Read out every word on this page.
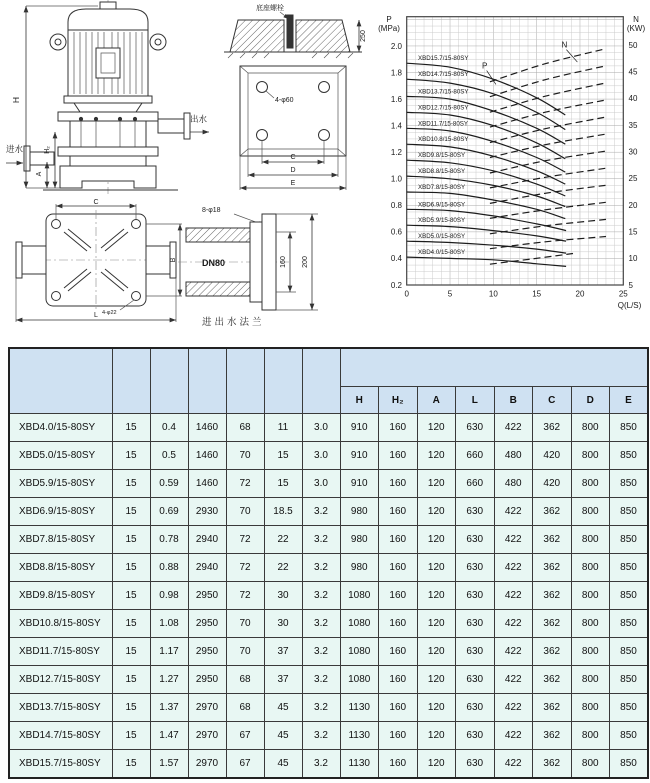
出水
进水
H
H₂
A
底座螺栓
250
4-φ60
C
D
E
C
B
L 4-φ22
8-φ18
DN80	160 200
进出水法兰
P
(MPa)
N
(KW)
Q(L/S)
0.2
0.4
0.6
0.8
1.0
1.2
1.4
1.6
1.8
2.0
5
10
15
20
25
30
35
40
45
50
0	5	10	15	20	25
XBD15.7/15-80SY
XBD14.7/15-80SY
XBD13.7/15-80SY
XBD12.7/15-80SY
XBD11.7/15-80SY
XBD10.8/15-80SY
XBD9.8/15-80SY
XBD8.8/15-80SY
XBD7.8/15-80SY
XBD6.9/15-80SY
XBD5.9/15-80SY
XBD5.0/15-80SY
XBD4.0/15-80SY
P
N

							H	H₂	A	L	B	C	D	E
XBD4.0/15-80SY	15	0.4	1460	68	11	3.0	910	160	120	630	422	362	800	850
XBD5.0/15-80SY	15	0.5	1460	70	15	3.0	910	160	120	660	480	420	800	850
XBD5.9/15-80SY	15	0.59	1460	72	15	3.0	910	160	120	660	480	420	800	850
XBD6.9/15-80SY	15	0.69	2930	70	18.5	3.2	980	160	120	630	422	362	800	850
XBD7.8/15-80SY	15	0.78	2940	72	22	3.2	980	160	120	630	422	362	800	850
XBD8.8/15-80SY	15	0.88	2940	72	22	3.2	980	160	120	630	422	362	800	850
XBD9.8/15-80SY	15	0.98	2950	72	30	3.2	1080	160	120	630	422	362	800	850
XBD10.8/15-80SY	15	1.08	2950	70	30	3.2	1080	160	120	630	422	362	800	850
XBD11.7/15-80SY	15	1.17	2950	70	37	3.2	1080	160	120	630	422	362	800	850
XBD12.7/15-80SY	15	1.27	2950	68	37	3.2	1080	160	120	630	422	362	800	850
XBD13.7/15-80SY	15	1.37	2970	68	45	3.2	1130	160	120	630	422	362	800	850
XBD14.7/15-80SY	15	1.47	2970	67	45	3.2	1130	160	120	630	422	362	800	850
XBD15.7/15-80SY	15	1.57	2970	67	45	3.2	1130	160	120	630	422	362	800	850
